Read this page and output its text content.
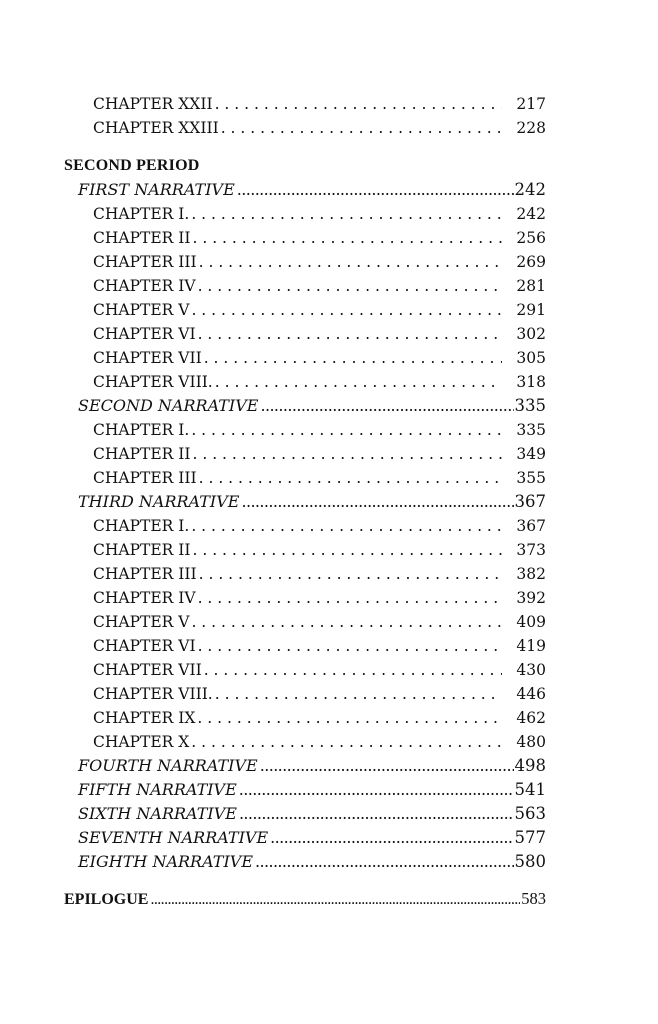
CHAPTER XXII . . .	217
CHAPTER XXIII . . .	228
SECOND PERIOD
FIRST NARRATIVE .....	242
CHAPTER I. . . .	242
CHAPTER II . . .	256
CHAPTER III . . .	269
CHAPTER IV . . .	281
CHAPTER V . . .	291
CHAPTER VI . . .	302
CHAPTER VII . . .	305
CHAPTER VIII. . . .	318
SECOND NARRATIVE .....	335
CHAPTER I. . . .	335
CHAPTER II . . .	349
CHAPTER III . . .	355
THIRD NARRATIVE .....	367
CHAPTER I. . . .	367
CHAPTER II . . .	373
CHAPTER III . . .	382
CHAPTER IV . . .	392
CHAPTER V . . .	409
CHAPTER VI . . .	419
CHAPTER VII . . .	430
CHAPTER VIII. . . .	446
CHAPTER IX . . .	462
CHAPTER X . . .	480
FOURTH NARRATIVE .....	498
FIFTH NARRATIVE .....	541
SIXTH NARRATIVE .....	563
SEVENTH NARRATIVE .....	577
EIGHTH NARRATIVE .....	580
EPILOGUE .....	583
